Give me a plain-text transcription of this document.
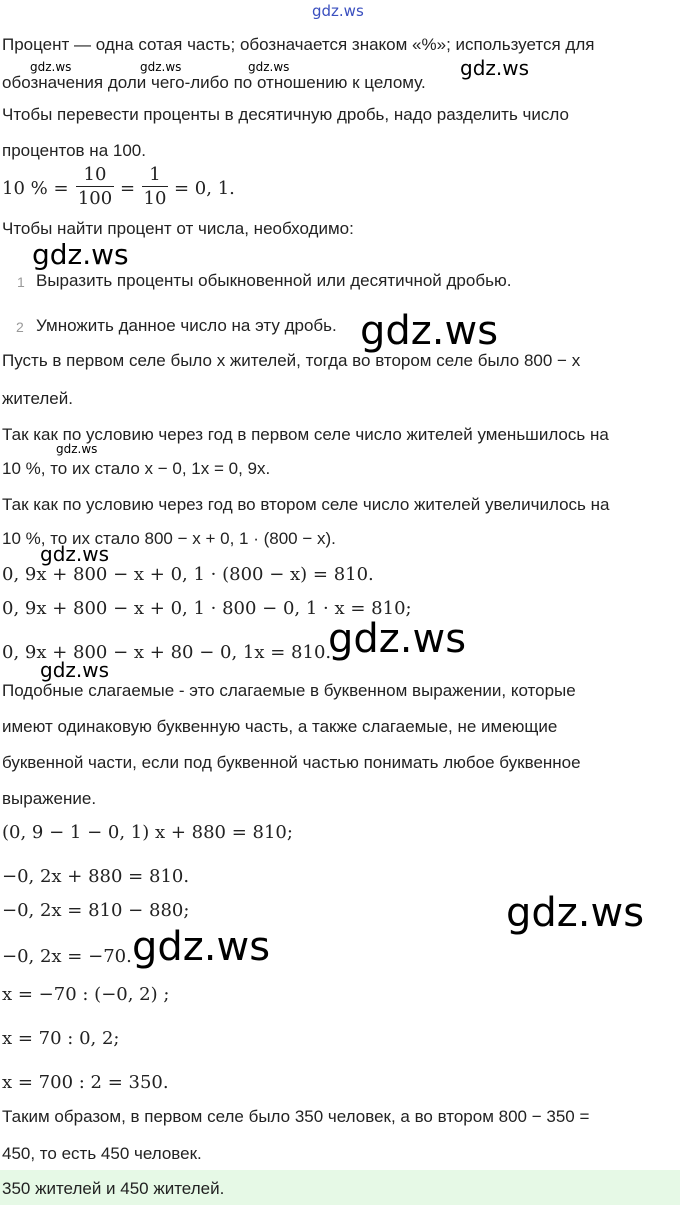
gdz.ws
gdz.ws	gdz.ws	gdz.ws	gdz.ws
gdz.ws
gdz.ws
gdz.ws
gdz.ws
gdz.ws
gdz.ws
gdz.ws
gdz.ws
Процент — одна сотая часть; обозначается знаком «%»; используется для
обозначения доли чего-либо по отношению к целому.
Чтобы перевести проценты в десятичную дробь, надо разделить число
процентов на 100.
10 % =
10
100 =
1
10 = 0, 1.
Чтобы найти процент от числа, необходимо:
1 Выразить проценты обыкновенной или десятичной дробью.
2 Умножить данное число на эту дробь.
Пусть в первом селе было x жителей, тогда во втором селе было 800 − x
жителей.
Так как по условию через год в первом селе число жителей уменьшилось на
10 %, то их стало x − 0, 1x = 0, 9x.
Так как по условию через год во втором селе число жителей увеличилось на
10 %, то их стало 800 − x + 0, 1 · (800 − x).
0, 9x + 800 − x + 0, 1 · (800 − x) = 810.
0, 9x + 800 − x + 0, 1 · 800 − 0, 1 · x = 810;
0, 9x + 800 − x + 80 − 0, 1x = 810.
Подобные слагаемые - это слагаемые в буквенном выражении, которые
имеют одинаковую буквенную часть, а также слагаемые, не имеющие
буквенной части, если под буквенной частью понимать любое буквенное
выражение.
(0, 9 − 1 − 0, 1) x + 880 = 810;
−0, 2x + 880 = 810.
−0, 2x = 810 − 880;
−0, 2x = −70.
x = −70 : (−0, 2) ;
x = 70 : 0, 2;
x = 700 : 2 = 350.
Таким образом, в первом селе было 350 человек, а во втором 800 − 350 =
450, то есть 450 человек.
350 жителей и 450 жителей.
